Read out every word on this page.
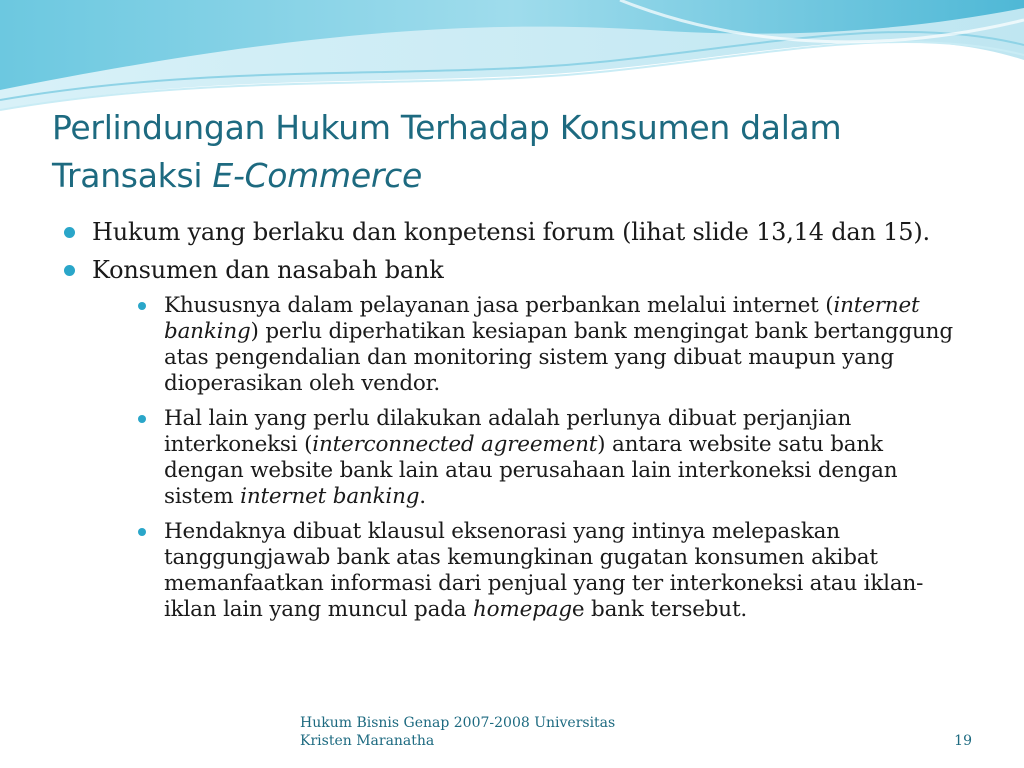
Perlindungan Hukum Terhadap Konsumen dalam
Transaksi E-Commerce
Hukum yang berlaku dan konpetensi forum (lihat slide 13,14 dan 15).
Konsumen dan nasabah bank
Khususnya dalam pelayanan jasa perbankan melalui internet (internet banking) perlu diperhatikan kesiapan bank mengingat bank bertanggung atas pengendalian dan monitoring sistem yang dibuat maupun yang dioperasikan oleh vendor.
Hal lain yang perlu dilakukan adalah perlunya dibuat perjanjian interkoneksi (interconnected agreement) antara website satu bank dengan website bank lain atau perusahaan lain interkoneksi dengan sistem internet banking.
Hendaknya dibuat klausul eksenorasi yang intinya melepaskan tanggungjawab bank atas kemungkinan gugatan konsumen akibat memanfaatkan informasi dari penjual yang ter interkoneksi atau iklan-iklan lain yang muncul pada homepage bank tersebut.
Hukum Bisnis Genap 2007-2008 Universitas
Kristen Maranatha	19
